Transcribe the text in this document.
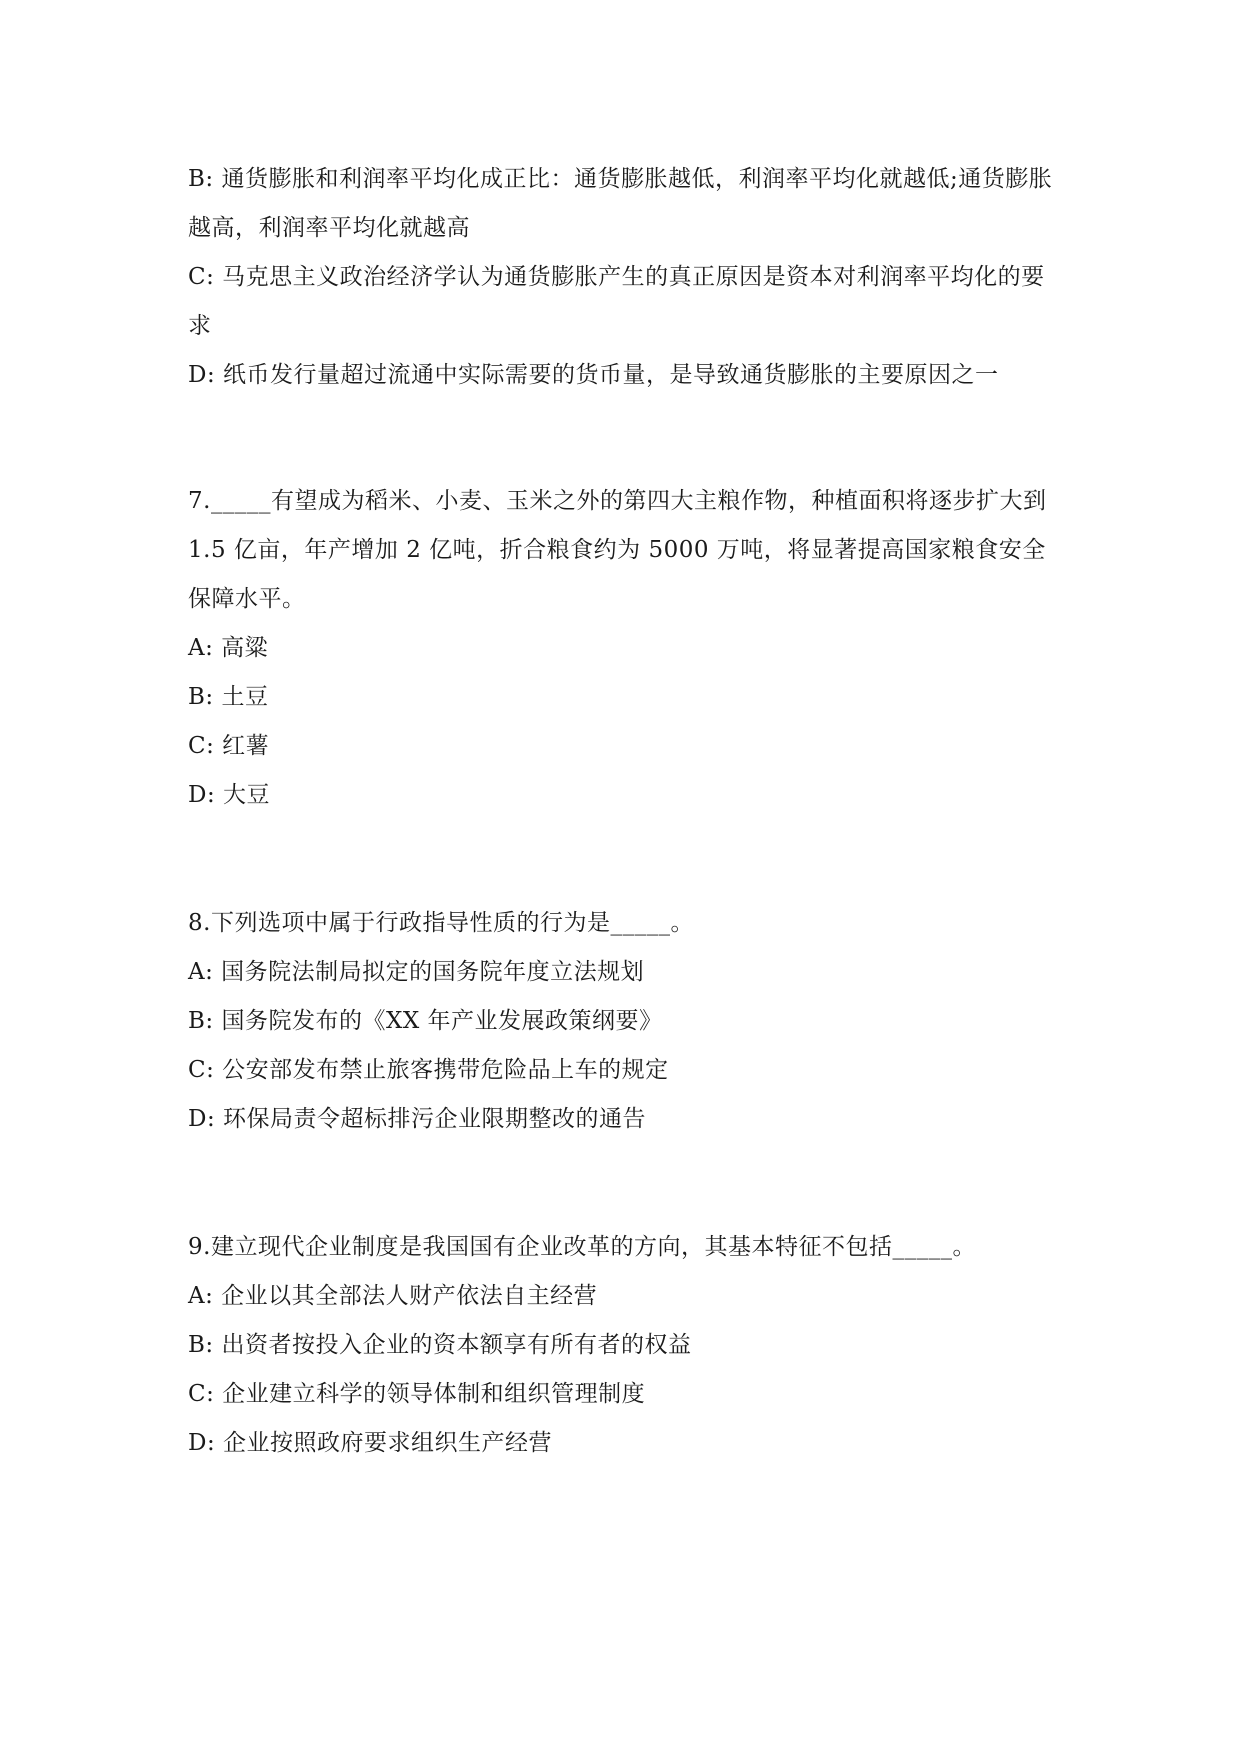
B: 通货膨胀和利润率平均化成正比：通货膨胀越低，利润率平均化就越低;通货膨胀越高，利润率平均化就越高
C: 马克思主义政治经济学认为通货膨胀产生的真正原因是资本对利润率平均化的要求
D: 纸币发行量超过流通中实际需要的货币量，是导致通货膨胀的主要原因之一
7._____有望成为稻米、小麦、玉米之外的第四大主粮作物，种植面积将逐步扩大到 1.5 亿亩，年产增加 2 亿吨，折合粮食约为 5000 万吨，将显著提高国家粮食安全保障水平。
A: 高粱
B: 土豆
C: 红薯
D: 大豆
8.下列选项中属于行政指导性质的行为是_____。
A: 国务院法制局拟定的国务院年度立法规划
B: 国务院发布的《XX 年产业发展政策纲要》
C: 公安部发布禁止旅客携带危险品上车的规定
D: 环保局责令超标排污企业限期整改的通告
9.建立现代企业制度是我国国有企业改革的方向，其基本特征不包括_____。
A: 企业以其全部法人财产依法自主经营
B: 出资者按投入企业的资本额享有所有者的权益
C: 企业建立科学的领导体制和组织管理制度
D: 企业按照政府要求组织生产经营
